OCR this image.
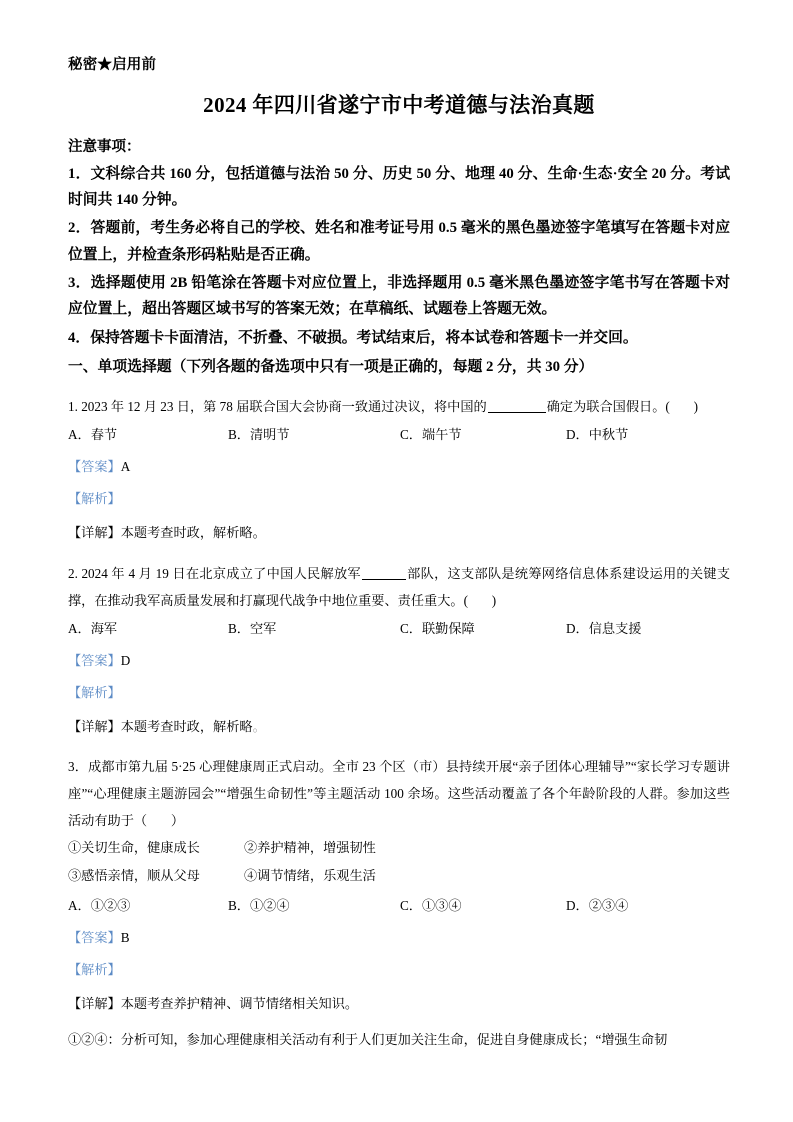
秘密★启用前
2024 年四川省遂宁市中考道德与法治真题
注意事项：
1．文科综合共 160 分，包括道德与法治 50 分、历史 50 分、地理 40 分、生命·生态·安全 20 分。考试时间共 140 分钟。
2．答题前，考生务必将自己的学校、姓名和准考证号用 0.5 毫米的黑色墨迹签字笔填写在答题卡对应位置上，并检查条形码粘贴是否正确。
3．选择题使用 2B 铅笔涂在答题卡对应位置上，非选择题用 0.5 毫米黑色墨迹签字笔书写在答题卡对应位置上，超出答题区域书写的答案无效；在草稿纸、试题卷上答题无效。
4．保持答题卡卡面清洁，不折叠、不破损。考试结束后，将本试卷和答题卡一并交回。
一、单项选择题（下列各题的备选项中只有一项是正确的，每题 2 分，共 30 分）
1. 2023 年 12 月 23 日，第 78 届联合国大会协商一致通过决议，将中国的	确定为联合国假日。( )
A．春节	B．清明节	C．端午节	D．中秋节
【答案】A
【解析】
【详解】本题考查时政，解析略。
2. 2024 年 4 月 19 日在北京成立了中国人民解放军	部队，这支部队是统筹网络信息体系建设运用的关键支撑，在推动我军高质量发展和打赢现代战争中地位重要、责任重大。( )
A．海军	B．空军	C．联勤保障	D．信息支援
【答案】D
【解析】
【详解】本题考查时政，解析略。
3．成都市第九届 5·25 心理健康周正式启动。全市 23 个区（市）县持续开展“亲子团体心理辅导”“家长学习专题讲座”“心理健康主题游园会”“增强生命韧性”等主题活动 100 余场。这些活动覆盖了各个年龄阶段的人群。参加这些活动有助于（ ）
①关切生命，健康成长	②养护精神，增强韧性
③感悟亲情，顺从父母	④调节情绪，乐观生活
A．①②③	B．①②④	C．①③④	D．②③④
【答案】B
【解析】
【详解】本题考查养护精神、调节情绪相关知识。
①②④：分析可知，参加心理健康相关活动有利于人们更加关注生命，促进自身健康成长；“增强生命韧
